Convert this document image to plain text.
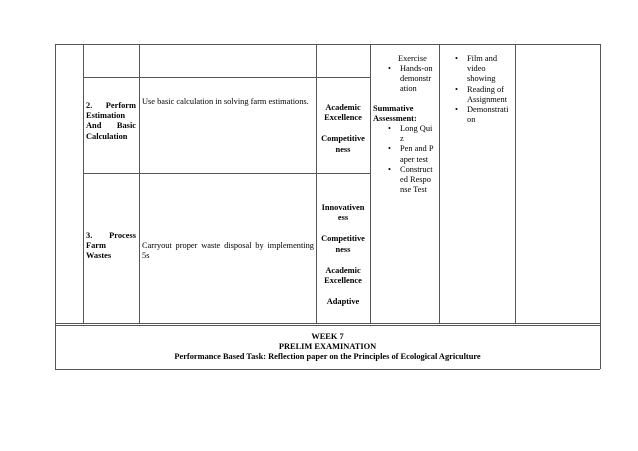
2. Perform
Estimation
And Basic
Calculation
Use basic calculation in solving farm estimations.
Academic Excellence
Competitive ness
3. Process
Farm
Wastes
Carryout proper waste disposal by implementing
5s
Innovativen ess
Competitive ness
Academic Excellence
Adaptive
Exercise
• Hands-on demonstration
Summative Assessment:
• Long Quiz
• Pen and Paper test
• Constructed Response Test
• Film and video showing
• Reading of Assignment
• Demonstration
WEEK 7
PRELIM EXAMINATION
Performance Based Task: Reflection paper on the Principles of Ecological Agriculture
